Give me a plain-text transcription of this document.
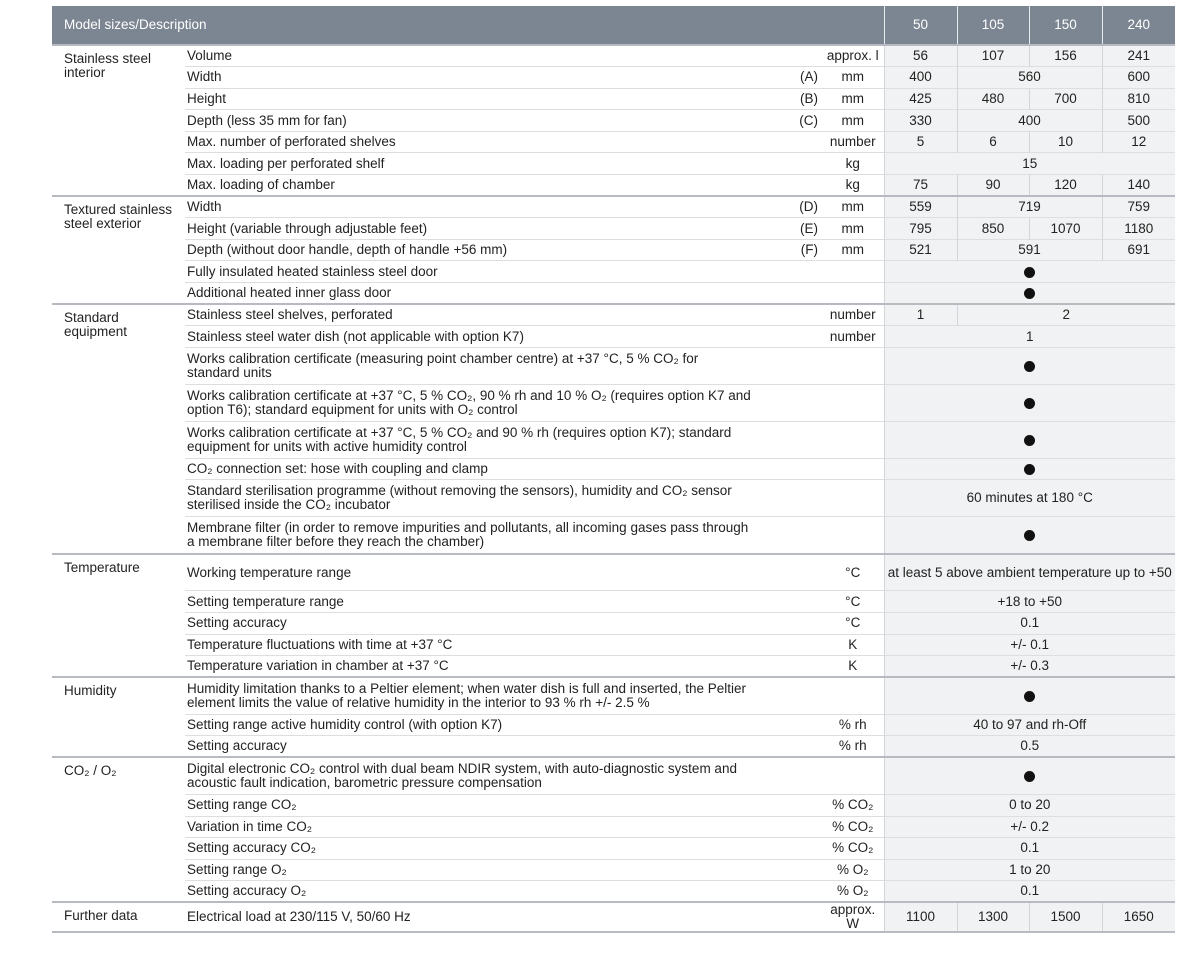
Model sizes/Description				50	105	150	240
Stainless steel interior	Volume		approx. l	56	107	156	241
	Width	(A)	mm	400	560		600
	Height	(B)	mm	425	480	700	810
	Depth (less 35 mm for fan)	(C)	mm	330	400		500
	Max. number of perforated shelves		number	5	6	10	12
	Max. loading per perforated shelf		kg	15			
	Max. loading of chamber		kg	75	90	120	140
Textured stainless steel exterior	Width	(D)	mm	559	719		759
	Height (variable through adjustable feet)	(E)	mm	795	850	1070	1180
	Depth (without door handle, depth of handle +56 mm)	(F)	mm	521	591		691
	Fully insulated heated stainless steel door						
	Additional heated inner glass door						
Standard equipment	Stainless steel shelves, perforated		number	1	2		
	Stainless steel water dish (not applicable with option K7)		number	1			
	Works calibration certificate (measuring point chamber centre) at +37 °C, 5 % CO₂ for standard units						
	Works calibration certificate at +37 °C, 5 % CO₂, 90 % rh and 10 % O₂ (requires option K7 and option T6); standard equipment for units with O₂ control						
	Works calibration certificate at +37 °C, 5 % CO₂ and 90 % rh (requires option K7); standard equipment for units with active humidity control						
	CO₂ connection set: hose with coupling and clamp						
	Standard sterilisation programme (without removing the sensors), humidity and CO₂ sensor sterilised inside the CO₂ incubator			60 minutes at 180 °C			
	Membrane filter (in order to remove impurities and pollutants, all incoming gases pass through a membrane filter before they reach the chamber)						
Temperature	Working temperature range		°C	at least 5 above ambient temperature up to +50			
	Setting temperature range		°C	+18 to +50			
	Setting accuracy		°C	0.1			
	Temperature fluctuations with time at +37 °C		K	+/- 0.1			
	Temperature variation in chamber at +37 °C		K	+/- 0.3			
Humidity	Humidity limitation thanks to a Peltier element; when water dish is full and inserted, the Peltier element limits the value of relative humidity in the interior to 93 % rh +/- 2.5 %						
	Setting range active humidity control (with option K7)		% rh	40 to 97 and rh-Off			
	Setting accuracy		% rh	0.5			
CO₂ / O₂	Digital electronic CO₂ control with dual beam NDIR system, with auto-diagnostic system and acoustic fault indication, barometric pressure compensation						
	Setting range CO₂		% CO₂	0 to 20			
	Variation in time CO₂		% CO₂	+/- 0.2			
	Setting accuracy CO₂		% CO₂	0.1			
	Setting range O₂		% O₂	1 to 20			
	Setting accuracy O₂		% O₂	0.1			
Further data	Electrical load at 230/115 V, 50/60 Hz		approx. W	1100	1300	1500	1650
